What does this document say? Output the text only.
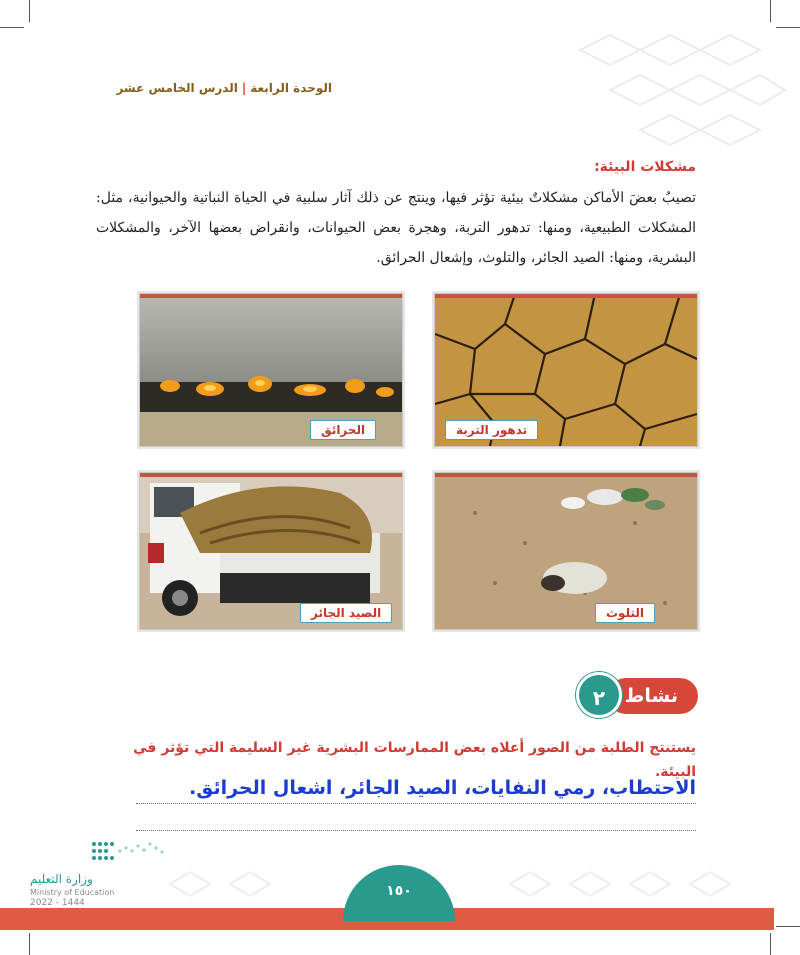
الوحدة الرابعة|الدرس الخامس عشر
مشكلات البيئة:
تصيبُ بعضَ الأماكن مشكلاتٌ بيئية تؤثر فيها، وينتج عن ذلك آثار سلبية في الحياة النباتية والحيوانية، مثل: المشكلات الطبيعية، ومنها: تدهور التربة، وهجرة بعض الحيوانات، وانقراض بعضها الآخر، والمشكلات البشرية، ومنها: الصيد الجائر، والتلوث، وإشعال الحرائق.
تدهور التربة
الحرائق
التلوث
الصيد الجائر
نشاط
٢
يستنتج الطلبة من الصور أعلاه بعض الممارسات البشرية غير السليمة التي تؤثر في البيئة.
الاحتطاب، رمي النفايات، الصيد الجائر، اشعال الحرائق.
وزارة التعليم
Ministry of Education
2022 - 1444
١٥٠
